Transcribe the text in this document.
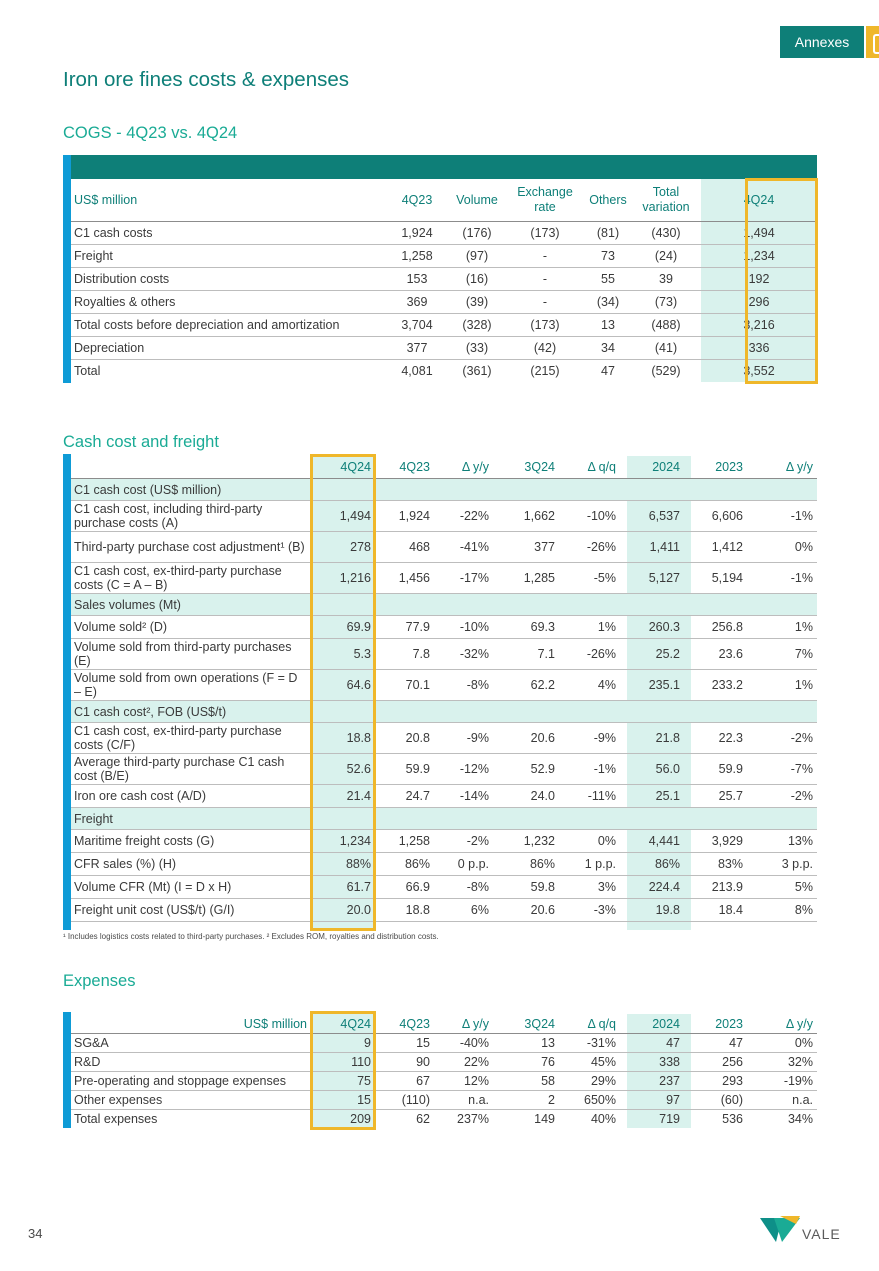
Annexes
Iron ore fines costs & expenses
COGS - 4Q23 vs. 4Q24
US$ million	4Q23	Volume	Exchange rate	Others	Total variation	4Q24
C1 cash costs	1,924	(176)	(173)	(81)	(430)	1,494
Freight	1,258	(97)	-	73	(24)	1,234
Distribution costs	153	(16)	-	55	39	192
Royalties & others	369	(39)	-	(34)	(73)	296
Total costs before depreciation and amortization	3,704	(328)	(173)	13	(488)	3,216
Depreciation	377	(33)	(42)	34	(41)	336
Total	4,081	(361)	(215)	47	(529)	3,552
Cash cost and freight
	4Q24	4Q23	Δ y/y	3Q24	Δ q/q	2024	2023	Δ y/y
C1 cash cost (US$ million)								
C1 cash cost, including third-party purchase costs (A)	1,494	1,924	-22%	1,662	-10%	6,537	6,606	-1%
Third-party purchase cost adjustment¹ (B)	278	468	-41%	377	-26%	1,411	1,412	0%
C1 cash cost, ex-third-party purchase costs (C = A – B)	1,216	1,456	-17%	1,285	-5%	5,127	5,194	-1%
Sales volumes (Mt)								
Volume sold² (D)	69.9	77.9	-10%	69.3	1%	260.3	256.8	1%
Volume sold from third-party purchases (E)	5.3	7.8	-32%	7.1	-26%	25.2	23.6	7%
Volume sold from own operations (F = D – E)	64.6	70.1	-8%	62.2	4%	235.1	233.2	1%
C1 cash cost², FOB (US$/t)								
C1 cash cost, ex-third-party purchase costs (C/F)	18.8	20.8	-9%	20.6	-9%	21.8	22.3	-2%
Average third-party purchase C1 cash cost (B/E)	52.6	59.9	-12%	52.9	-1%	56.0	59.9	-7%
Iron ore cash cost (A/D)	21.4	24.7	-14%	24.0	-11%	25.1	25.7	-2%
Freight								
Maritime freight costs (G)	1,234	1,258	-2%	1,232	0%	4,441	3,929	13%
CFR sales (%) (H)	88%	86%	0 p.p.	86%	1 p.p.	86%	83%	3 p.p.
Volume CFR (Mt) (I = D x H)	61.7	66.9	-8%	59.8	3%	224.4	213.9	5%
Freight unit cost (US$/t) (G/I)	20.0	18.8	6%	20.6	-3%	19.8	18.4	8%
¹ Includes logistics costs related to third-party purchases. ² Excludes ROM, royalties and distribution costs.
Expenses
US$ million	4Q24	4Q23	Δ y/y	3Q24	Δ q/q	2024	2023	Δ y/y
SG&A	9	15	-40%	13	-31%	47	47	0%
R&D	110	90	22%	76	45%	338	256	32%
Pre-operating and stoppage expenses	75	67	12%	58	29%	237	293	-19%
Other expenses	15	(110)	n.a.	2	650%	97	(60)	n.a.
Total expenses	209	62	237%	149	40%	719	536	34%
34	VALE
